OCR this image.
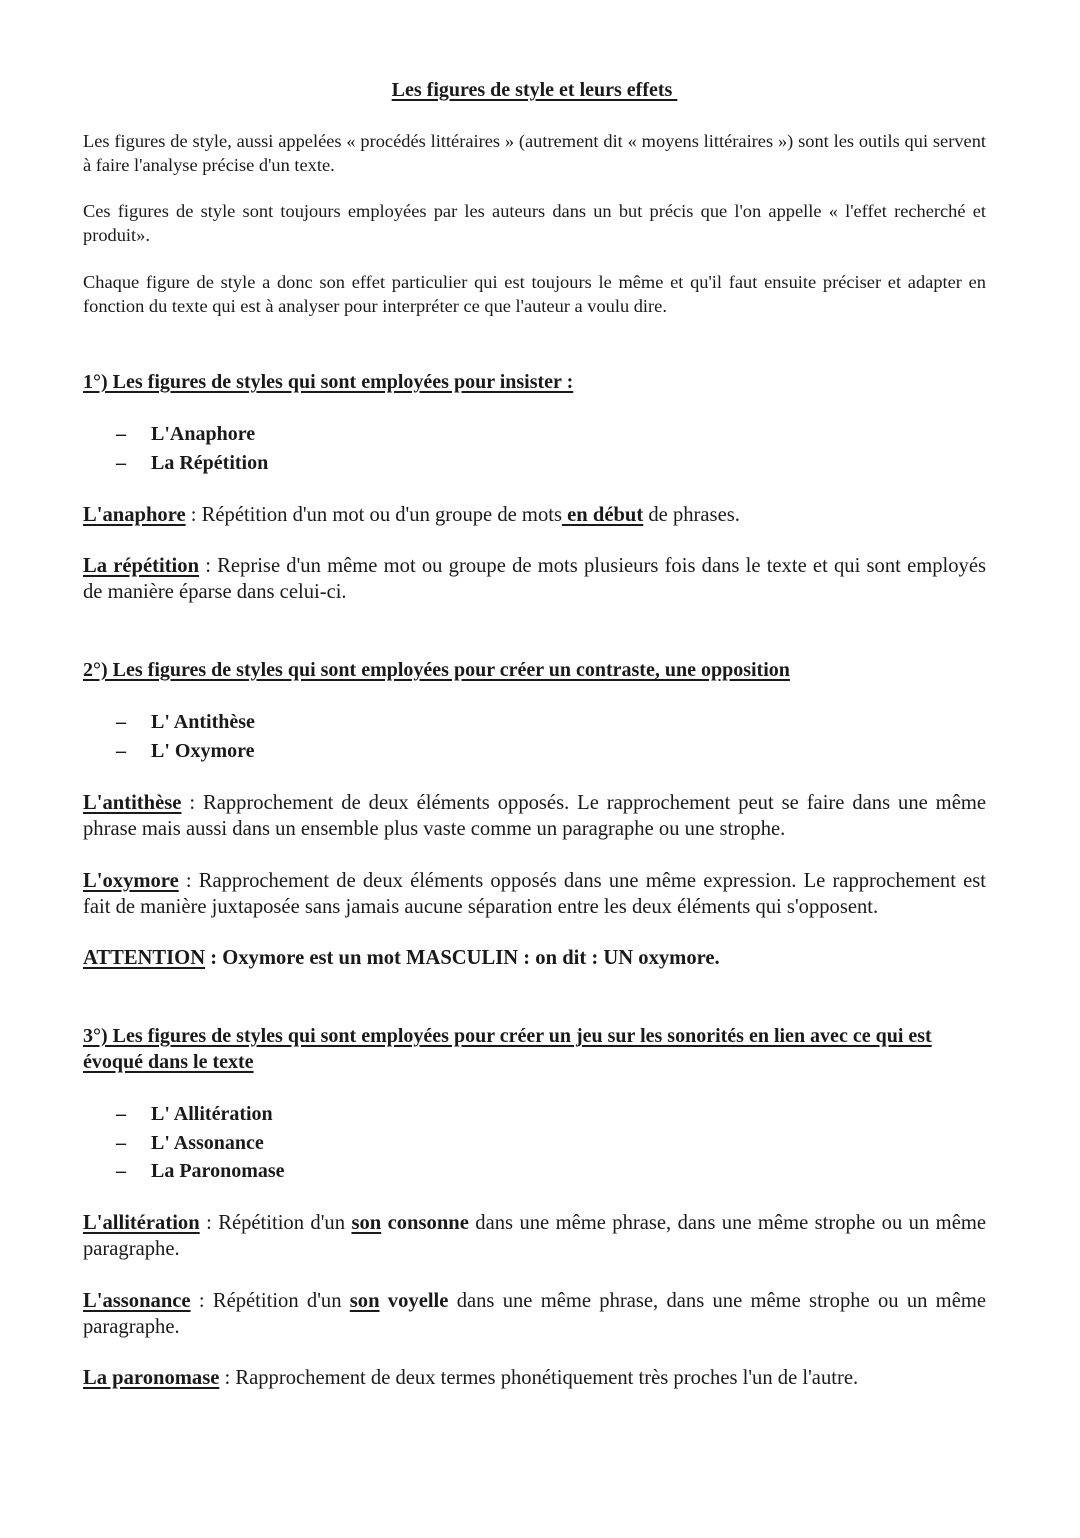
Les figures de style et leurs effets

Les figures de style, aussi appelées « procédés littéraires » (autrement dit « moyens littéraires ») sont les outils qui servent à faire l'analyse précise d'un texte.

Ces figures de style sont toujours employées par les auteurs dans un but précis que l'on appelle « l'effet recherché et produit».

Chaque figure de style a donc son effet particulier qui est toujours le même et qu'il faut ensuite préciser et adapter en fonction du texte qui est à analyser pour interpréter ce que l'auteur a voulu dire.

1°) Les figures de styles qui sont employées pour insister :
– L'Anaphore
– La Répétition

L'anaphore : Répétition d'un mot ou d'un groupe de mots en début de phrases.

La répétition : Reprise d'un même mot ou groupe de mots plusieurs fois dans le texte et qui sont employés de manière éparse dans celui-ci.

2°) Les figures de styles qui sont employées pour créer un contraste, une opposition
– L' Antithèse
– L' Oxymore

L'antithèse : Rapprochement de deux éléments opposés. Le rapprochement peut se faire dans une même phrase mais aussi dans un ensemble plus vaste comme un paragraphe ou une strophe.

L'oxymore : Rapprochement de deux éléments opposés dans une même expression. Le rapprochement est fait de manière juxtaposée sans jamais aucune séparation entre les deux éléments qui s'opposent.

ATTENTION : Oxymore est un mot MASCULIN : on dit : UN oxymore.

3°) Les figures de styles qui sont employées pour créer un jeu sur les sonorités en lien avec ce qui est évoqué dans le texte
– L' Allitération
– L' Assonance
– La Paronomase

L'allitération : Répétition d'un son consonne dans une même phrase, dans une même strophe ou un même paragraphe.

L'assonance : Répétition d'un son voyelle dans une même phrase, dans une même strophe ou un même paragraphe.

La paronomase : Rapprochement de deux termes phonétiquement très proches l'un de l'autre.
